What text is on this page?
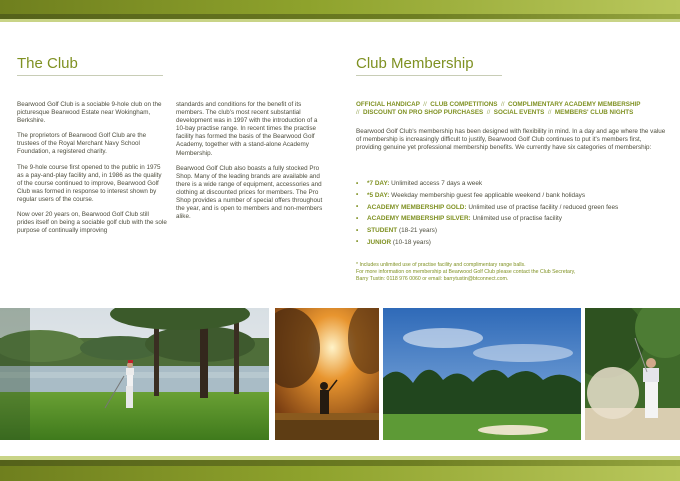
The Club

Bearwood Golf Club is a sociable 9-hole club on the picturesque Bearwood Estate near Wokingham, Berkshire.

The proprietors of Bearwood Golf Club are the trustees of the Royal Merchant Navy School Foundation, a registered charity.

The 9-hole course first opened to the public in 1975 as a pay-and-play facility and, in 1986 as the quality of the course continued to improve, Bearwood Golf Club was formed in response to interest shown by regular users of the course.

Now over 20 years on, Bearwood Golf Club still prides itself on being a sociable golf club with the sole purpose of continually improving

standards and conditions for the benefit of its members. The club's most recent substantial development was in 1997 with the introduction of a 10-bay practise range. In recent times the practise facility has formed the basis of the Bearwood Golf Academy, together with a stand-alone Academy Membership.

Bearwood Golf Club also boasts a fully stocked Pro Shop. Many of the leading brands are available and there is a wide range of equipment, accessories and clothing at discounted prices for members. The Pro Shop provides a number of special offers throughout the year, and is open to members and non-members alike.

Club Membership
OFFICIAL HANDICAP // CLUB COMPETITIONS // COMPLIMENTARY ACADEMY MEMBERSHIP
// DISCOUNT ON PRO SHOP PURCHASES // SOCIAL EVENTS // MEMBERS' CLUB NIGHTS

Bearwood Golf Club's membership has been designed with flexibility in mind. In a day and age where the value of membership is increasingly difficult to justify, Bearwood Golf Club continues to put it's members first, providing genuine yet professional membership benefits. We currently have six categories of membership:

• *7 DAY: Unlimited access 7 days a week
• *5 DAY: Weekday membership guest fee applicable weekend / bank holidays
• ACADEMY MEMBERSHIP GOLD: Unlimited use of practise facility / reduced green fees
• ACADEMY MEMBERSHIP SILVER: Unlimited use of practise facility
• STUDENT (18-21 years)
• JUNIOR (10-18 years)
* Includes unlimited use of practise facility and complimentary range balls.
For more information on membership at Bearwood Golf Club please contact the Club Secretary,
Barry Tustin: 0118 976 0060 or email: barrytustin@btconnect.com.
